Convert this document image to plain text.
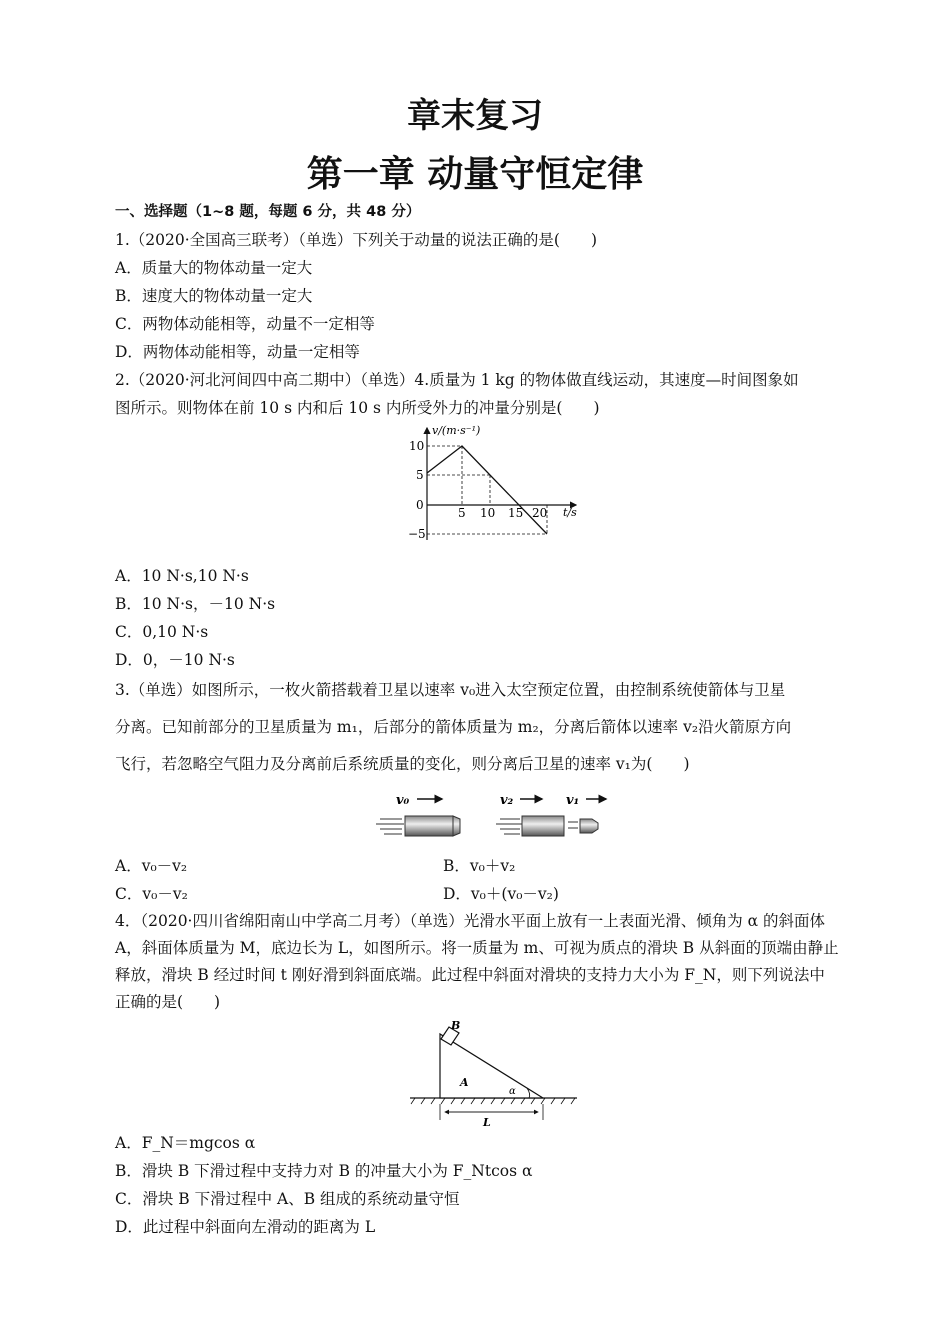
章末复习
第一章 动量守恒定律
一、选择题（1~8 题，每题 6 分，共 48 分）
1.（2020·全国高三联考）（单选）下列关于动量的说法正确的是(　　)
A．质量大的物体动量一定大
B．速度大的物体动量一定大
C．两物体动能相等，动量不一定相等
D．两物体动能相等，动量一定相等
2.（2020·河北河间四中高二期中）（单选）4.质量为 1 kg 的物体做直线运动，其速度—时间图象如
图所示。则物体在前 10 s 内和后 10 s 内所受外力的冲量分别是(　　)
v/(m·s⁻¹)
t/s
10
5
0
−5
5 10 15 20
A．10 N·s,10 N·s
B．10 N·s，－10 N·s
C．0,10 N·s
D．0，－10 N·s
3.（单选）如图所示，一枚火箭搭载着卫星以速率 v₀进入太空预定位置，由控制系统使箭体与卫星
分离。已知前部分的卫星质量为 m₁，后部分的箭体质量为 m₂，分离后箭体以速率 v₂沿火箭原方向
飞行，若忽略空气阻力及分离前后系统质量的变化，则分离后卫星的速率 v₁为(　　)
v₀	v₂	v₁
A．v₀－v₂	B．v₀＋v₂
C．v₀－v₂	D．v₀＋(v₀－v₂)
4．（2020·四川省绵阳南山中学高二月考）（单选）光滑水平面上放有一上表面光滑、倾角为 α 的斜面体 A，斜面体质量为 M，底边长为 L，如图所示。将一质量为 m、可视为质点的滑块 B 从斜面的顶端由静止释放，滑块 B 经过时间 t 刚好滑到斜面底端。此过程中斜面对滑块的支持力大小为 F_N，则下列说法中正确的是(　　)
B
A
α
L
A．F_N＝mgcos α
B．滑块 B 下滑过程中支持力对 B 的冲量大小为 F_Ntcos α
C．滑块 B 下滑过程中 A、B 组成的系统动量守恒
D．此过程中斜面向左滑动的距离为 L
